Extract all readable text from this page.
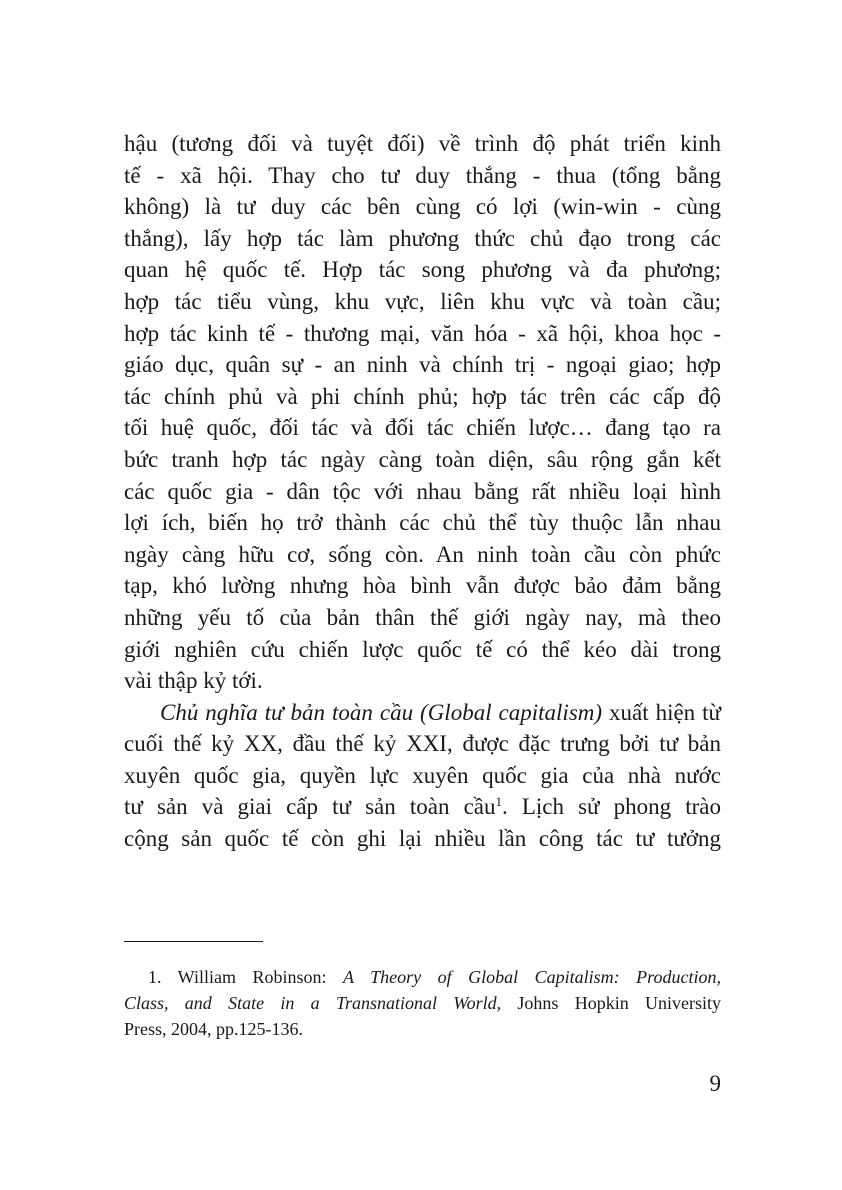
hậu (tương đối và tuyệt đối) về trình độ phát triển kinh
tế - xã hội. Thay cho tư duy thắng - thua (tổng bằng
không) là tư duy các bên cùng có lợi (win-win - cùng
thắng), lấy hợp tác làm phương thức chủ đạo trong các
quan hệ quốc tế. Hợp tác song phương và đa phương;
hợp tác tiểu vùng, khu vực, liên khu vực và toàn cầu;
hợp tác kinh tế - thương mại, văn hóa - xã hội, khoa học -
giáo dục, quân sự - an ninh và chính trị - ngoại giao; hợp
tác chính phủ và phi chính phủ; hợp tác trên các cấp độ
tối huệ quốc, đối tác và đối tác chiến lược… đang tạo ra
bức tranh hợp tác ngày càng toàn diện, sâu rộng gắn kết
các quốc gia - dân tộc với nhau bằng rất nhiều loại hình
lợi ích, biến họ trở thành các chủ thể tùy thuộc lẫn nhau
ngày càng hữu cơ, sống còn. An ninh toàn cầu còn phức
tạp, khó lường nhưng hòa bình vẫn được bảo đảm bằng
những yếu tố của bản thân thế giới ngày nay, mà theo
giới nghiên cứu chiến lược quốc tế có thể kéo dài trong
vài thập kỷ tới.

Chủ nghĩa tư bản toàn cầu (Global capitalism) xuất hiện từ
cuối thế kỷ XX, đầu thế kỷ XXI, được đặc trưng bởi tư bản
xuyên quốc gia, quyền lực xuyên quốc gia của nhà nước
tư sản và giai cấp tư sản toàn cầu$^1$. Lịch sử phong trào
cộng sản quốc tế còn ghi lại nhiều lần công tác tư tưởng

1. William Robinson: A Theory of Global Capitalism: Production,
Class, and State in a Transnational World, Johns Hopkin University
Press, 2004, pp.125-136.
9
